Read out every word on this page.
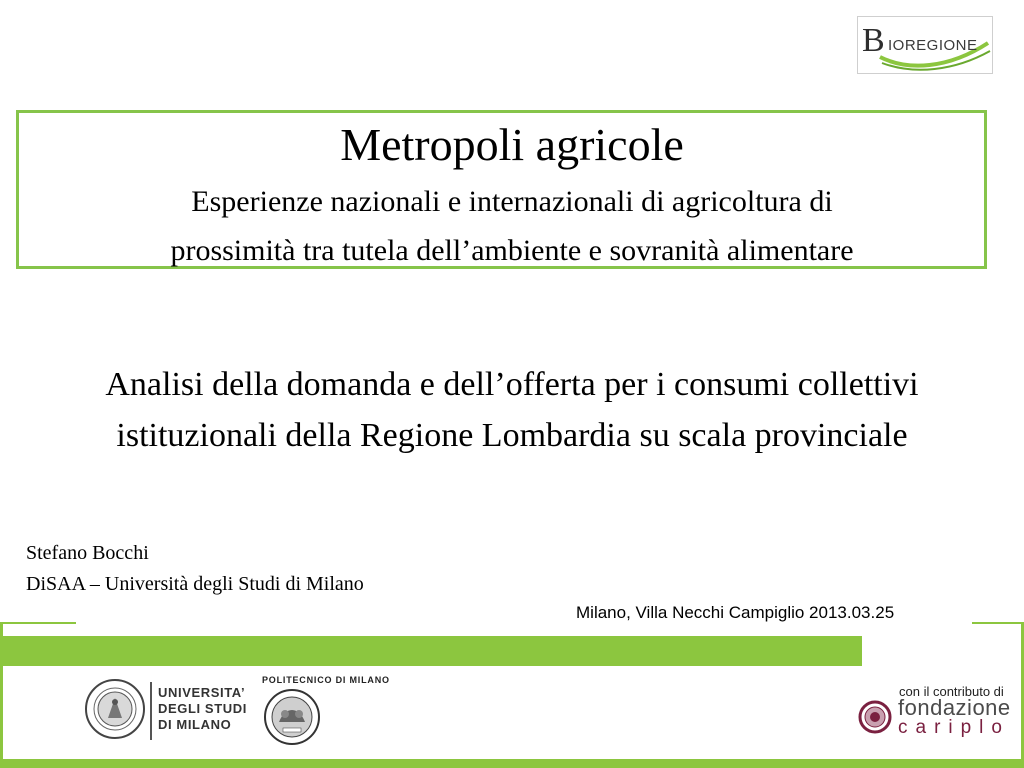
B IOREGIONE
Metropoli agricole
Esperienze nazionali e internazionali di agricoltura di
prossimità tra tutela dell’ambiente e sovranità alimentare
Analisi della domanda e dell’offerta per i consumi collettivi
istituzionali della Regione Lombardia su scala provinciale
Stefano Bocchi
DiSAA – Università degli Studi di Milano
Milano, Villa Necchi Campiglio 2013.03.25
UNIVERSITA’
DEGLI STUDI
DI MILANO
POLITECNICO DI MILANO
con il contributo di
fondazione
cariplo
